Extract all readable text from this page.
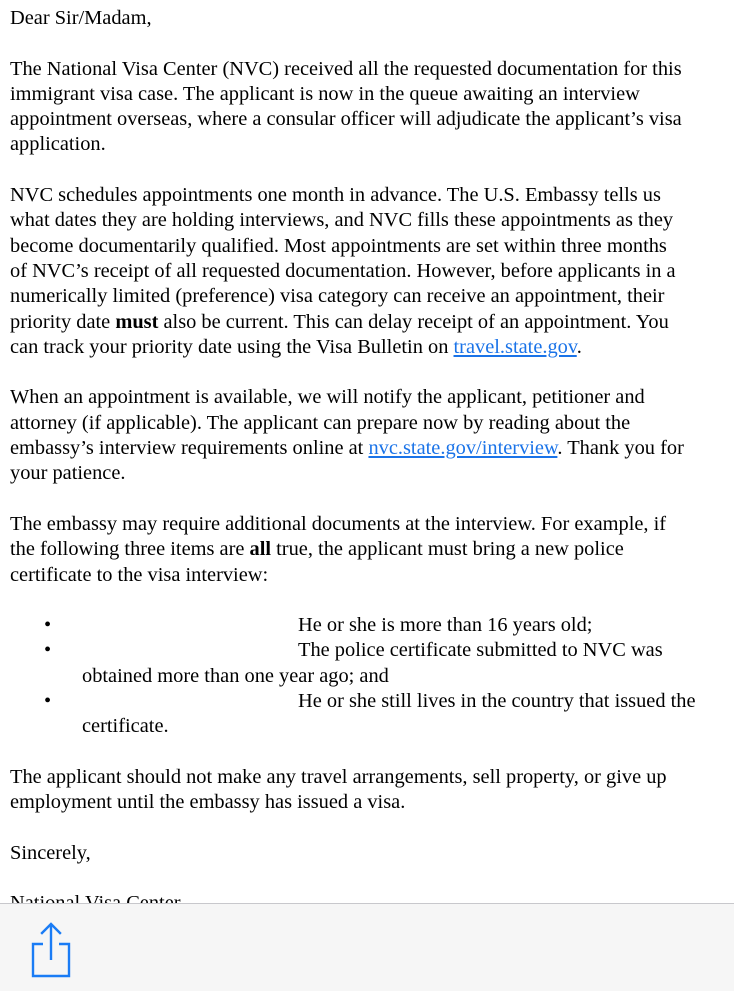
Dear Sir/Madam,
The National Visa Center (NVC) received all the requested documentation for this
immigrant visa case. The applicant is now in the queue awaiting an interview
appointment overseas, where a consular officer will adjudicate the applicant’s visa
application.
NVC schedules appointments one month in advance. The U.S. Embassy tells us
what dates they are holding interviews, and NVC fills these appointments as they
become documentarily qualified. Most appointments are set within three months
of NVC’s receipt of all requested documentation. However, before applicants in a
numerically limited (preference) visa category can receive an appointment, their
priority date must also be current. This can delay receipt of an appointment. You
can track your priority date using the Visa Bulletin on travel.state.gov.
When an appointment is available, we will notify the applicant, petitioner and
attorney (if applicable). The applicant can prepare now by reading about the
embassy’s interview requirements online at nvc.state.gov/interview. Thank you for
your patience.
The embassy may require additional documents at the interview. For example, if
the following three items are all true, the applicant must bring a new police
certificate to the visa interview:
•	He or she is more than 16 years old;
•	The police certificate submitted to NVC was
obtained more than one year ago; and
•	He or she still lives in the country that issued the
certificate.
The applicant should not make any travel arrangements, sell property, or give up
employment until the embassy has issued a visa.
Sincerely,
